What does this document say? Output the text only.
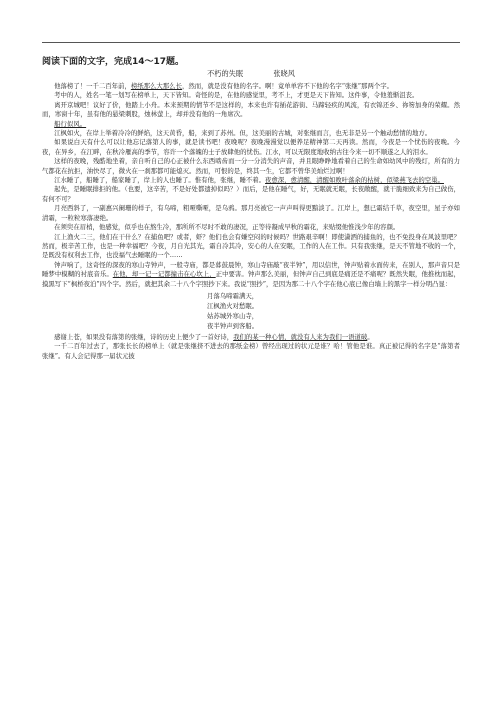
阅读下面的文字，完成14～17题。
不朽的失眠	张晓风

他落榜了！一千二百年前，榜纸那么大那么长，然而，就是没有他的名字。啊！竟单单容不下他的名字“张继”那两个字。

考中的人，姓名一笔一划写在榜单上，天下皆知。奇怪的是，在他的感觉里，考不上，才更是天下皆知。这件事，令他羞惭沮丧。

离开京城吧！议好了价，他踏上小舟。本来预期的情节不是这样的，本来也许有插花游街、马蹄轻疾的风流，有衣锦还乡、祢笏加身的荣耀。然而，寒窗十年，虽有他的悬梁刺股，烛林萤上，却并没有他的一角席次。

船行似风。

江枫如火，在岸上举着冷冷的鲜焰，这天黄昏，船，来到了苏州。但，这美丽的古城，对张继而言，也无非是另一个触动愁情的地方。

如果说白天有什么可以让他忘记落第人的事，就是读书吧！夜晚呢？夜晚漫漫觉以便养足精神第二天再读。然而，今夜是一个忧伤的夜晚。今夜，在异乡，在江畔，在秋冷雁高的季节，容许一个落魄的士子放肆他的忧伤。江水，可以无限度地收纳古往今来一切不顺遂之人的泪水。

这样的夜晚，残酷地坐着，亲自听自己的心正被什么东西啮齿而一分一分消失的声音，并且眼睁睁地看着自己的生命如幼风中的残灯，所有的力气都花在抗拒，油快尽了，微火在一刹那都可能熄灭。然而，可恨的是，终其一生，它都不曾华美灿烂过啊！

江水睡了，船睡了，船家睡了，岸上的人也睡了。惟有他，张继，睡不着。夜愈深，愈清醒，清醒如败叶落余的枯树，似梁燕飞去的空巢。

起先，是睡眠排拒的他。（也要，这辛苦，不是好处都遗掉似吗？）而后，是他在睡气，好，无眠就无眠，长夜敞醒，就干脆细致来为自己做伤，有何不可？

月亮西斜了，一副惠兴阑珊的样子，有乌啼，粗哑嘶哑，是乌鸦。那月亮被它一声声叫得更黯淡了。江岸上，想已霜结千草，夜空里，星子亦如清霜，一粒粒寒落凄绝。

在须臾在眉梢，他感觉，似乎也在熬生冷，那所所不尽时不敢的凄况，正等待凝成早秋的霜花，来贴缀他惟浅少年的容颜。

江上渔火二三，他们在干什么？在捕鱼吧？或者，虾？他们也会有嫌空闷的时候吗？世路艰辛啊！即使潇洒的捕鱼的，也不免投身在风波里吧？然而，极辛苦工作，也是一种幸福吧？今夜，月自光其光，霜自冷其冷，安心的人在安眠，工作的人在工作。只有我张继，是天不管地不收的一个，是既没有权利去工作，也没福气去睡眠的一个……

钟声响了，这奇怪的深夜的寒山寺钟声，一般寺庙，都是暮鼓晨钟，寒山寺庙敲“夜半钟”，用以信世，钟声贴着水面传来，在别人，那声音只是睡梦中模糊的衬底音乐。在他，却一记一记都撞击在心坎上，正中要害。钟声那么美丽，但钟声自己到底是痛还是不痛呢？既然失眠，他推枕而起，摸黑写下“枫桥夜泊”四个字。然后，就把其余二十八个字照抄下来。我说“照抄”，是因为那二十八个字在他心底已像白墙上的黑字一样分明凸显：

月落乌啼霜满天，
江枫渔火对愁眠。
姑苏城外寒山寺，
夜半钟声到客船。

感谢上苍，如果没有落第的张继，诗的历史上便少了一首好诗，我们的某一种心情，就没有人来为我们一语道破。

一千二百年过去了，那张长长的榜单上（就是张继挤不进去的那纸金榜）曾经出现过的状元是谁？哈！管他是谁。真正被记得的名字是“落第者张继”。有人会记得那一届状元披
